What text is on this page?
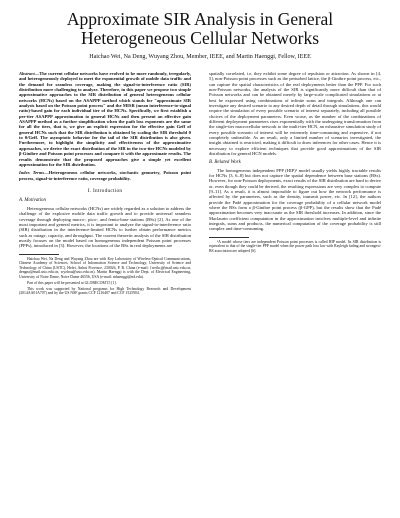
Approximate SIR Analysis in General Heterogeneous Cellular Networks
Haichao Wei, Na Deng, Wuyang Zhou, Member, IEEE, and Martin Haenggi, Fellow, IEEE

Abstract—The current cellular networks have evolved to be more randomly, irregularly, and heterogeneously deployed to meet the exponential growth of mobile data traffic and the demand for seamless coverage, making the signal-to-interference ratio (SIR) distribution more challenging to analyze. Therefore, in this paper we propose two simple approximative approaches to the SIR distribution of general heterogeneous cellular networks (HCNs) based on the ASAPPP method which stands for "approximate SIR analysis based on the Poisson point process" and the MISR (mean interference-to-signal ratio)-based gain for each individual tier of the HCNs. Specifically, we first establish a per-tier ASAPPP approximation to general HCNs and then present an effective gain ASAPPP method as a further simplification when the path loss exponents are the same for all the tiers, that is, we give an explicit expression for the effective gain Geff of general HCNs such that the SIR distribution is obtained by scaling the SIR threshold θ to θ/Geff. The asymptotic behavior for the tail of the SIR distribution is also given. Furthermore, to highlight the simplicity and effectiveness of the approximative approaches, we derive the exact distribution of the SIR in the two-tier HCNs modeled by β-Ginibre and Poisson point processes and compare it with the approximate results. The results demonstrate that the proposed approaches give a simple yet excellent approximation for the SIR distribution.

Index Terms—Heterogeneous cellular networks, stochastic geometry, Poisson point process, signal-to-interference ratio, coverage probability.

I. Introduction
A. Motivation

Heterogeneous cellular networks (HCNs) are widely regarded as a solution to address the challenge of the explosive mobile data traffic growth and to provide universal seamless coverage through deploying macro-, pico-, and femto-base stations (BSs) [2]. As one of the most important and general metrics, it is important to analyze the signal-to-interference ratio (SIR) distribution in the interference-limited HCNs to further obtain performance metrics such as outage, capacity, and throughput. The current theoretic analysis of the SIR distribution mostly focuses on the model based on homogeneous independent Poisson point processes (PPPs), introduced in [3]. However, the locations of the BSs in real deployments are

Haichao Wei, Na Deng and Wuyang Zhou are with Key Laboratory of Wireless-Optical Communications, Chinese Academy of Sciences, School of Information Science and Technology, University of Science and Technology of China (USTC), Hefei, Anhui Province, 230026, P. R. China (e-mail: {weihcj@mail.ustc.edu.cn, dengna@mail.ustc.edu.cn, wyzhou@ustc.edu.cn). Martin Haenggi is with the Dept. of Electrical Engineering, University of Notre Dame, Notre Dame 46556, USA (e-mail: mhaenggi@nd.edu).

Part of this paper will be presented at GLOBECOM'15 [1].

This work was supported by National programs for High Technology Research and Development (2014AA01A707) and by the US NSF grants CCF 1216407 and CCF 1525904.

spatially correlated, i.e, they exhibit some degree of repulsion or attraction. As shown in [4, 5], non-Poisson point processes such as the perturbed lattice, the β-Ginibre point process, etc., can capture the spatial characteristics of the real deployments better than the PPP. For such non-Poisson networks, the analysis of the SIR is significantly more difficult than that of Poisson networks and can be obtained merely by large-scale complicated simulations or at best be expressed using combinations of infinite sums and integrals. Although one can investigate any desired scenario to any desired depth of detail through simulations, this would require the simulation of every possible scenario of interest separately, including all possible choices of the deployment parameters. Even worse, as the number of the combinations of different deployment parameters rises exponentially with the undergoing transformation from the single-tier macrocellular network to the multi-tier HCN, an exhaustive simulation study of every possible scenario of interest will be extremely time-consuming and expensive, if not completely unfeasible. As an result, only a limited number of scenarios investigated, the insight obtained is restricted, making it difficult to draw inferences for other cases. Hence it is necessary to explore efficient techniques that provide good approximations of the SIR distribution for general HCN models.

B. Related Work

The homogeneous independent PPP (HIP)¹ model usually yields highly tractable results for HCNs [3, 6–8] but does not capture the spatial dependence between base stations (BSs). However, for non-Poisson deployments, exact results of the SIR distribution are hard to derive or, even though they could be derived, the resulting expressions are very complex to compute [9–11]. As a result, it is almost impossible to figure out how the network performance is affected by the parameters, such as the density, transmit power, etc. In [12], the authors provide the Padé approximation for the coverage probability of a cellular network model where the BSs form a β-Ginibre point process (β-GPP), but the results show that the Padé approximation becomes very inaccurate as the SIR threshold increases. In addition, since the Maclaurin coefficient computation in the approximation involves multiple-level and infinite integrals, sums and products, the numerical computation of the coverage probability is still complex and time-consuming.

¹A model whose tiers are independent Poisson point processes is called HIP model. Its SIR distribution is equivalent to that of the single-tier PPP model when the power path loss law with Rayleigh fading and strongest-BS association are adopted [6].
